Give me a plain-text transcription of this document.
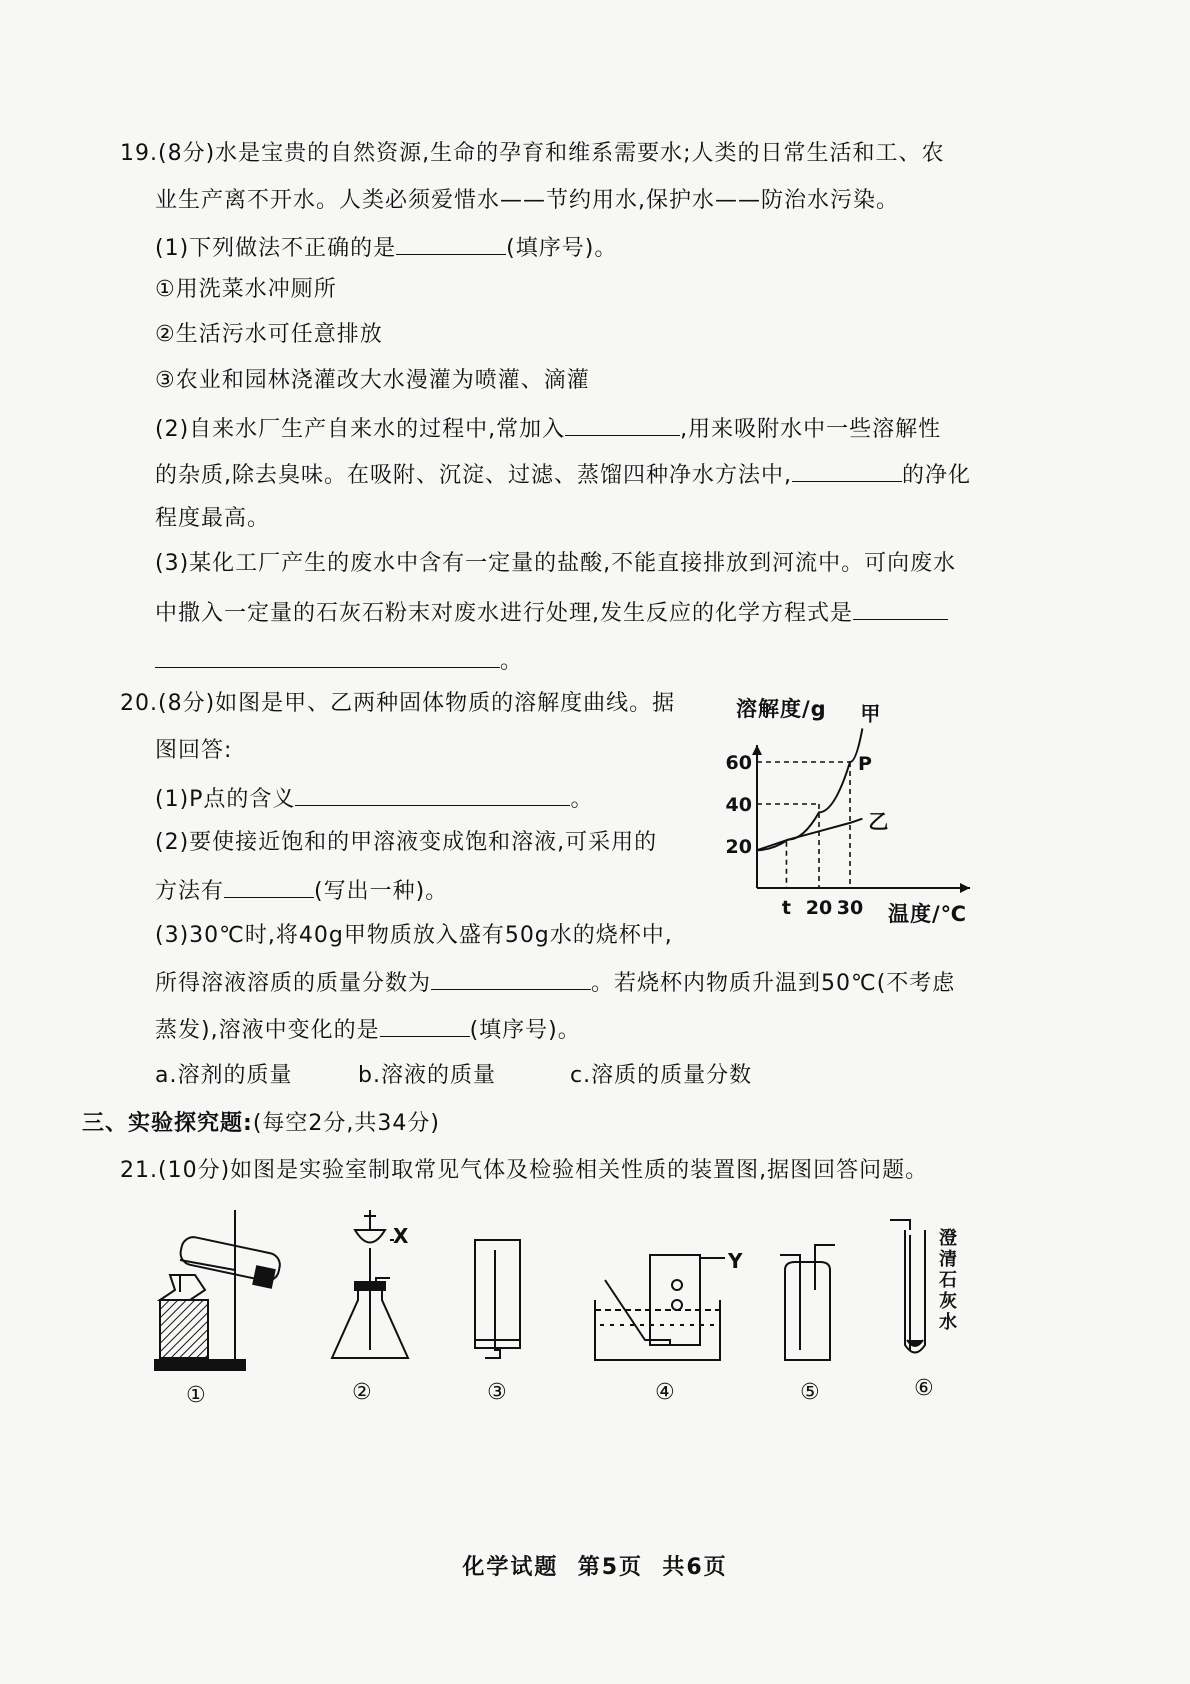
19.(8分)水是宝贵的自然资源,生命的孕育和维系需要水;人类的日常生活和工、农
业生产离不开水。人类必须爱惜水——节约用水,保护水——防治水污染。
(1)下列做法不正确的是	(填序号)。
①用洗菜水冲厕所
②生活污水可任意排放
③农业和园林浇灌改大水漫灌为喷灌、滴灌
(2)自来水厂生产自来水的过程中,常加入	,用来吸附水中一些溶解性
的杂质,除去臭味。在吸附、沉淀、过滤、蒸馏四种净水方法中,	的净化
程度最高。
(3)某化工厂产生的废水中含有一定量的盐酸,不能直接排放到河流中。可向废水
中撒入一定量的石灰石粉末对废水进行处理,发生反应的化学方程式是
。
20.(8分)如图是甲、乙两种固体物质的溶解度曲线。据
图回答:
(1)P点的含义	。
(2)要使接近饱和的甲溶液变成饱和溶液,可采用的
方法有	(写出一种)。
(3)30℃时,将40g甲物质放入盛有50g水的烧杯中,
所得溶液溶质的质量分数为	。若烧杯内物质升温到50℃(不考虑
蒸发),溶液中变化的是	(填序号)。
a.溶剂的质量	b.溶液的质量	c.溶质的质量分数
甲
乙
P
20
40
60
t 20 30
溶解度/g
温度/℃
三、实验探究题:(每空2分,共34分)
21.(10分)如图是实验室制取常见气体及检验相关性质的装置图,据图回答问题。
X
Y
澄
清
石
灰
水
①	②	③	④	⑤	⑥
化学试题 第5页 共6页
